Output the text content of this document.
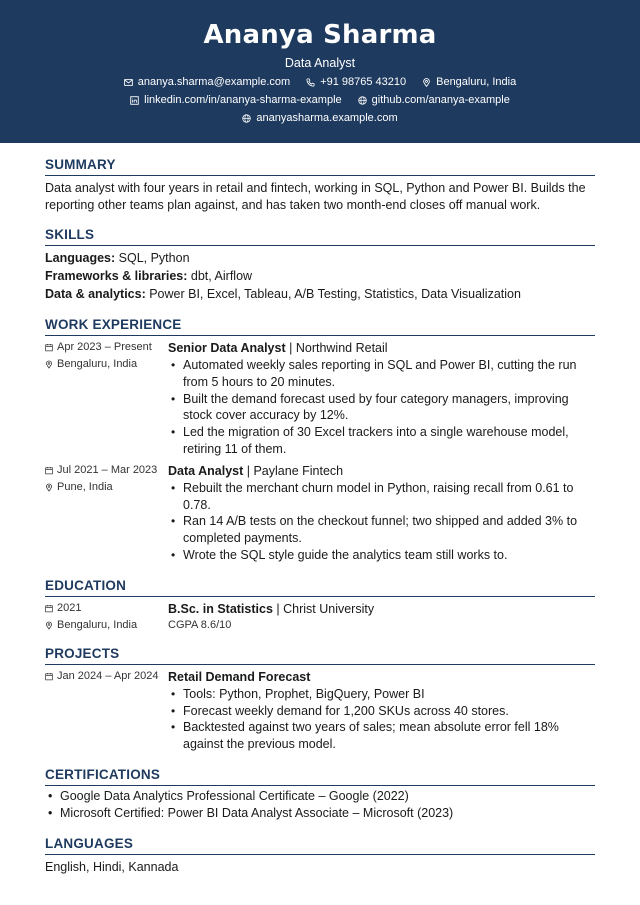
Ananya Sharma
Data Analyst
ananya.sharma@example.com	+91 98765 43210	Bengaluru, India
linkedin.com/in/ananya-sharma-example	github.com/ananya-example
ananyasharma.example.com
SUMMARY
Data analyst with four years in retail and fintech, working in SQL, Python and Power BI. Builds the reporting other teams plan against, and has taken two month-end closes off manual work.
SKILLS
Languages: SQL, Python
Frameworks & libraries: dbt, Airflow
Data & analytics: Power BI, Excel, Tableau, A/B Testing, Statistics, Data Visualization
WORK EXPERIENCE
Apr 2023 – Present
Bengaluru, India
Senior Data Analyst | Northwind Retail
• Automated weekly sales reporting in SQL and Power BI, cutting the run from 5 hours to 20 minutes.
• Built the demand forecast used by four category managers, improving stock cover accuracy by 12%.
• Led the migration of 30 Excel trackers into a single warehouse model, retiring 11 of them.
Jul 2021 – Mar 2023
Pune, India
Data Analyst | Paylane Fintech
• Rebuilt the merchant churn model in Python, raising recall from 0.61 to 0.78.
• Ran 14 A/B tests on the checkout funnel; two shipped and added 3% to completed payments.
• Wrote the SQL style guide the analytics team still works to.
EDUCATION
2021
Bengaluru, India
B.Sc. in Statistics | Christ University
CGPA 8.6/10
PROJECTS
Jan 2024 – Apr 2024 Retail Demand Forecast
• Tools: Python, Prophet, BigQuery, Power BI
• Forecast weekly demand for 1,200 SKUs across 40 stores.
• Backtested against two years of sales; mean absolute error fell 18% against the previous model.
CERTIFICATIONS
• Google Data Analytics Professional Certificate – Google (2022)
• Microsoft Certified: Power BI Data Analyst Associate – Microsoft (2023)
LANGUAGES
English, Hindi, Kannada
